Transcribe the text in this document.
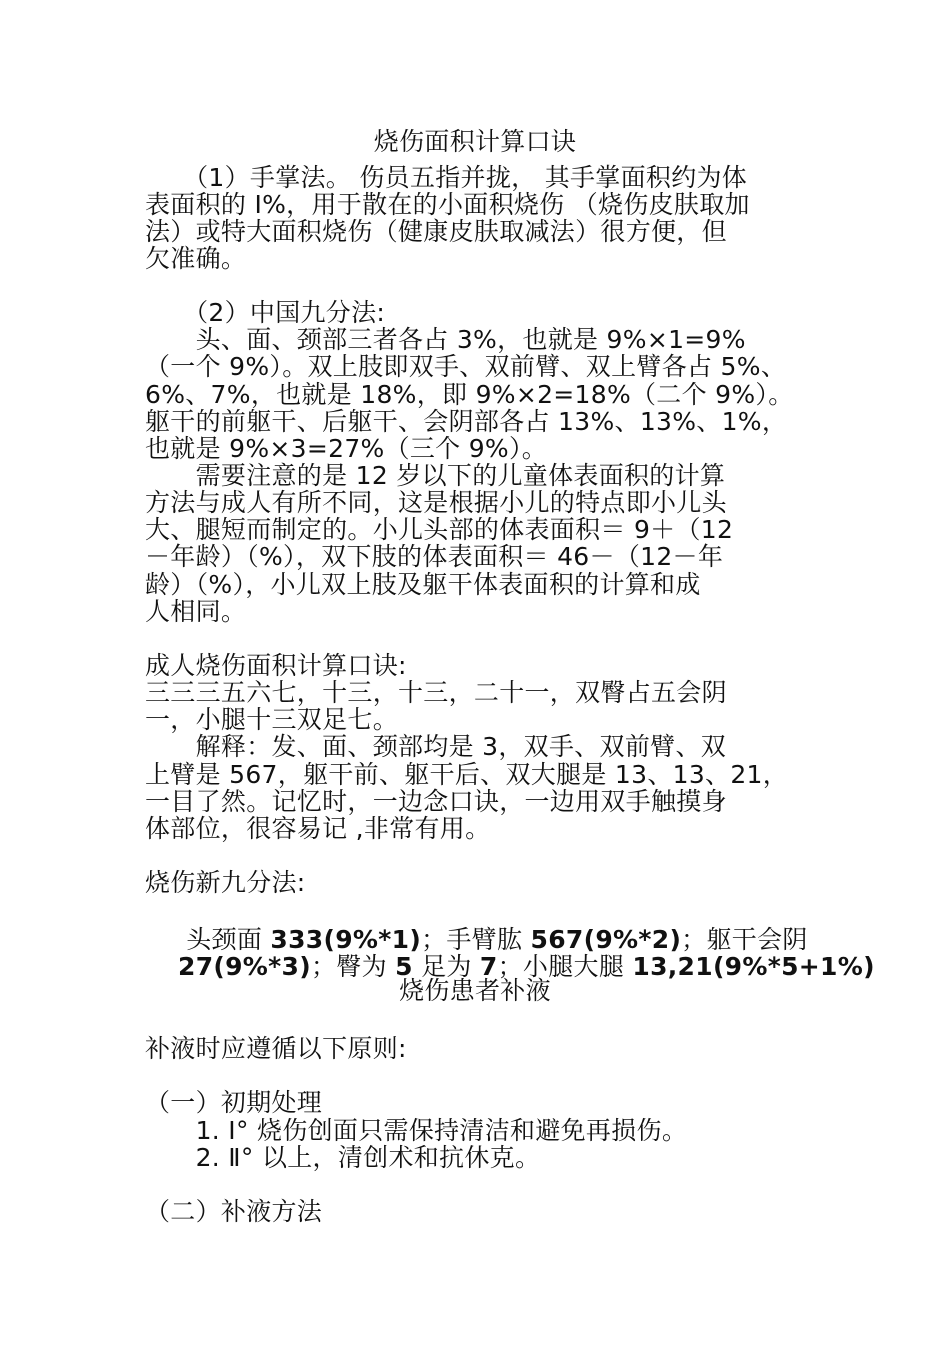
烧伤面积计算口诀
　　（1）手掌法。 伤员五指并拢， 其手掌面积约为体
表面积的 I%，用于散在的小面积烧伤 （烧伤皮肤取加
法）或特大面积烧伤（健康皮肤取减法）很方便，但
欠准确。
　　（2）中国九分法:
　　头、面、颈部三者各占 3%，也就是 9%×1=9%
（一个 9%）。双上肢即双手、双前臂、双上臂各占 5%、
6%、7%，也就是 18%，即 9%×2=18%（二个 9%）。
躯干的前躯干、后躯干、会阴部各占 13%、13%、1%，
也就是 9%×3=27%（三个 9%）。
　　需要注意的是 12 岁以下的儿童体表面积的计算
方法与成人有所不同，这是根据小儿的特点即小儿头
大、腿短而制定的。小儿头部的体表面积＝ 9＋（12
－年龄）（%），双下肢的体表面积＝ 46－（12－年
龄）（%），小儿双上肢及躯干体表面积的计算和成
人相同。
成人烧伤面积计算口诀:
三三三五六七，十三，十三，二十一，双臀占五会阴
一，小腿十三双足七。
　　解释：发、面、颈部均是 3，双手、双前臂、双
上臂是 567，躯干前、躯干后、双大腿是 13、13、21，
一目了然。记忆时，一边念口诀，一边用双手触摸身
体部位，很容易记 ,非常有用。
烧伤新九分法:

头颈面 333(9%*1)；手臂肱 567(9%*2)；躯干会阴

27(9%*3)；臀为 5 足为 7；小腿大腿 13,21(9%*5+1%)

烧伤患者补液
补液时应遵循以下原则:
（一）初期处理
　　1. Ⅰ° 烧伤创面只需保持清洁和避免再损伤。
　　2. Ⅱ° 以上，清创术和抗休克。
（二）补液方法
